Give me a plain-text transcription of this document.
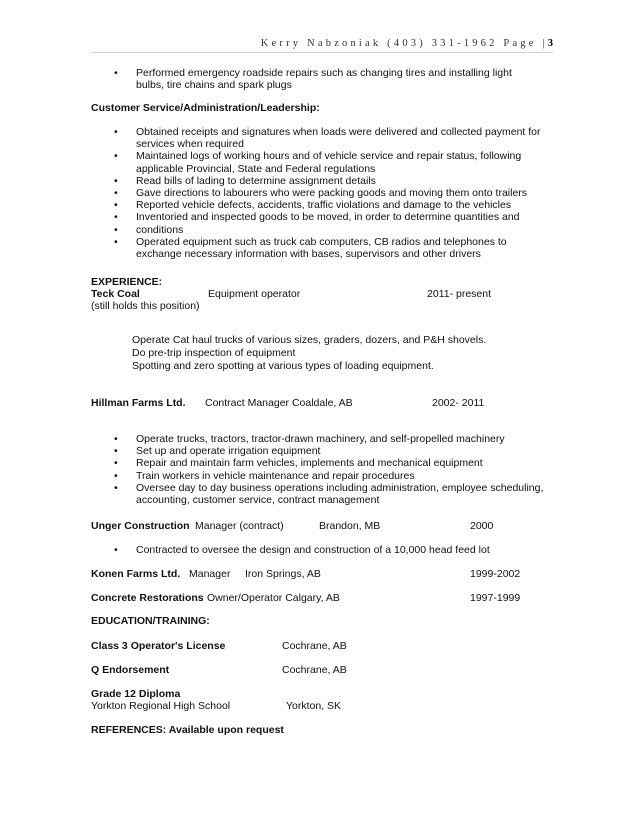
Kerry Nabzoniak (403) 331-1962 Page |3
• Performed emergency roadside repairs such as changing tires and installing light bulbs, tire chains and spark plugs
Customer Service/Administration/Leadership:
• Obtained receipts and signatures when loads were delivered and collected payment for services when required
• Maintained logs of working hours and of vehicle service and repair status, following applicable Provincial, State and Federal regulations
• Read bills of lading to determine assignment details
• Gave directions to labourers who were packing goods and moving them onto trailers
• Reported vehicle defects, accidents, traffic violations and damage to the vehicles
• Inventoried and inspected goods to be moved, in order to determine quantities and
• conditions
• Operated equipment such as truck cab computers, CB radios and telephones to exchange necessary information with bases, supervisors and other drivers
EXPERIENCE:
Teck Coal	Equipment operator	2011- present
(still holds this position)
Operate Cat haul trucks of various sizes, graders, dozers, and P&H shovels.
Do pre-trip inspection of equipment
Spotting and zero spotting at various types of loading equipment.
Hillman Farms Ltd. Contract Manager Coaldale, AB	2002- 2011
• Operate trucks, tractors, tractor-drawn machinery, and self-propelled machinery
• Set up and operate irrigation equipment
• Repair and maintain farm vehicles, implements and mechanical equipment
• Train workers in vehicle maintenance and repair procedures
• Oversee day to day business operations including administration, employee scheduling, accounting, customer service, contract management
Unger Construction Manager (contract)	Brandon, MB	2000
• Contracted to oversee the design and construction of a 10,000 head feed lot
Konen Farms Ltd. Manager Iron Springs, AB	1999-2002
Concrete Restorations Owner/Operator Calgary, AB	1997-1999
EDUCATION/TRAINING:
Class 3 Operator's License	Cochrane, AB
Q Endorsement	Cochrane, AB
Grade 12 Diploma
Yorkton Regional High School	Yorkton, SK
REFERENCES: Available upon request
